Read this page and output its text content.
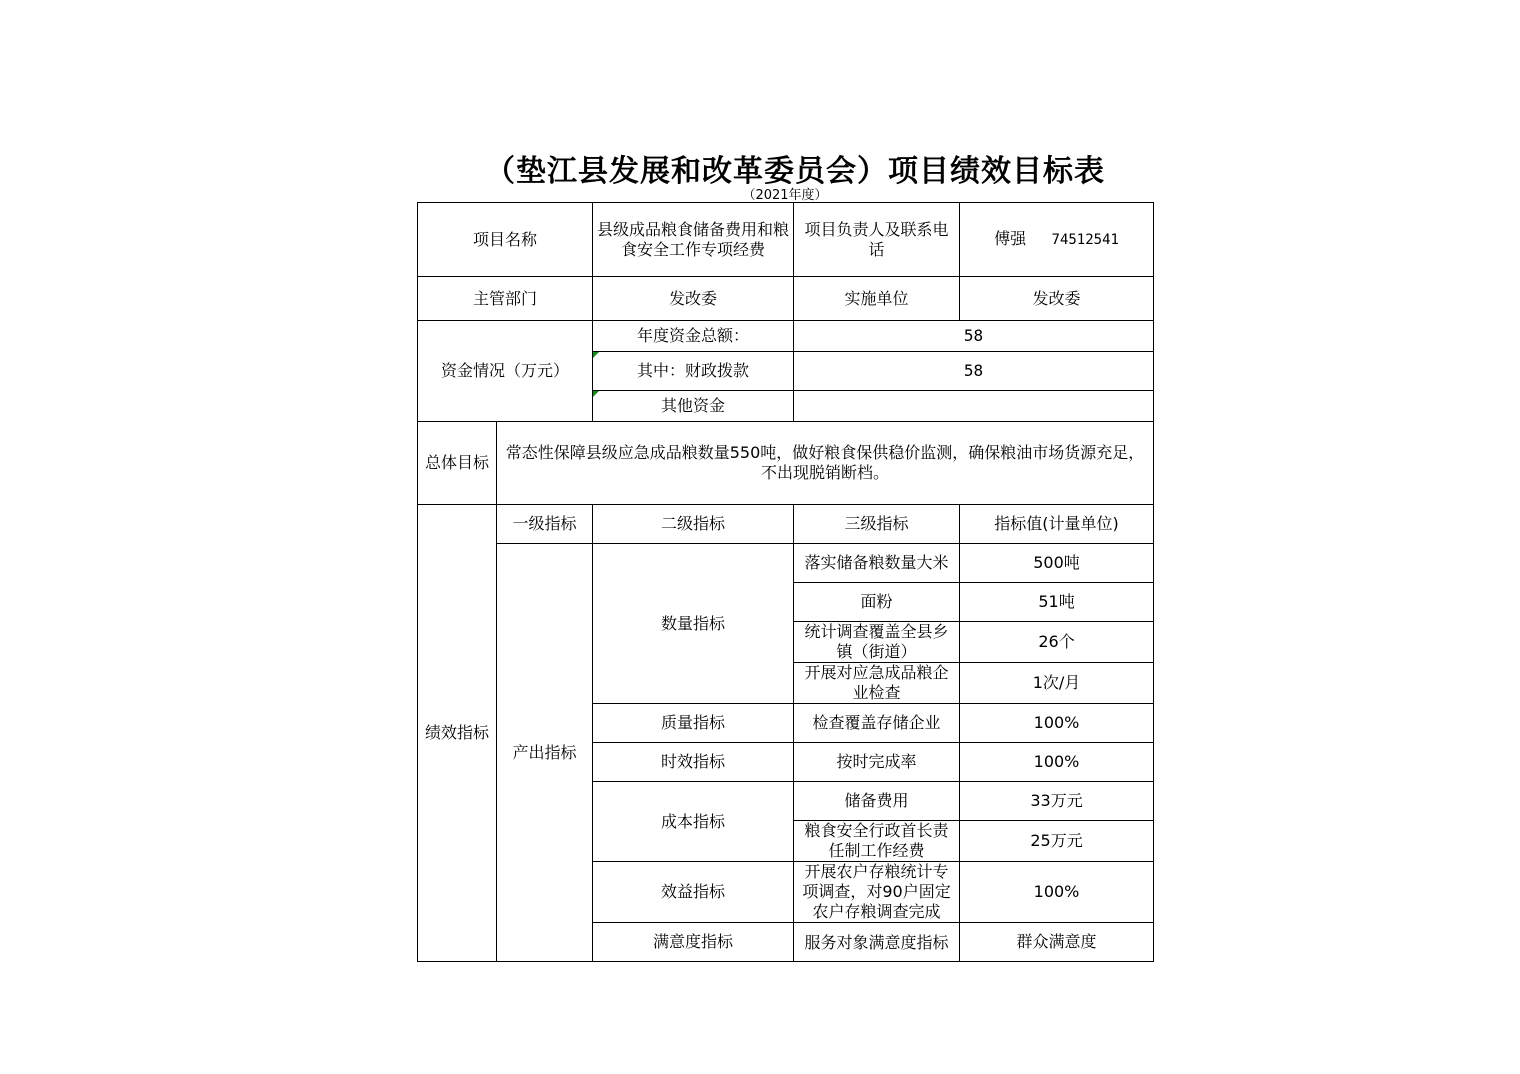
（垫江县发展和改革委员会）项目绩效目标表
（2021年度）
项目名称		县级成品粮食储备费用和粮食安全工作专项经费	项目负责人及联系电话	傅强 74512541	
主管部门		发改委	实施单位	发改委	
资金情况（万元）		年度资金总额：	58		
		其中：财政拨款	58		
		其他资金			
总体目标	常态性保障县级应急成品粮数量550吨，做好粮食保供稳价监测，确保粮油市场货源充足，不出现脱销断档。				
绩效指标	一级指标	二级指标	三级指标	指标值(计量单位)	
	产出指标	数量指标	落实储备粮数量大米	500吨	
			面粉	51吨	
			统计调查覆盖全县乡镇（街道）	26个	
			开展对应急成品粮企业检查	1次/月	
		质量指标	检查覆盖存储企业	100%	
		时效指标	按时完成率	100%	
		成本指标	储备费用	33万元	
			粮食安全行政首长责任制工作经费	25万元	
		效益指标	开展农户存粮统计专项调查，对90户固定农户存粮调查完成	100%	
		满意度指标	服务对象满意度指标	群众满意度	
